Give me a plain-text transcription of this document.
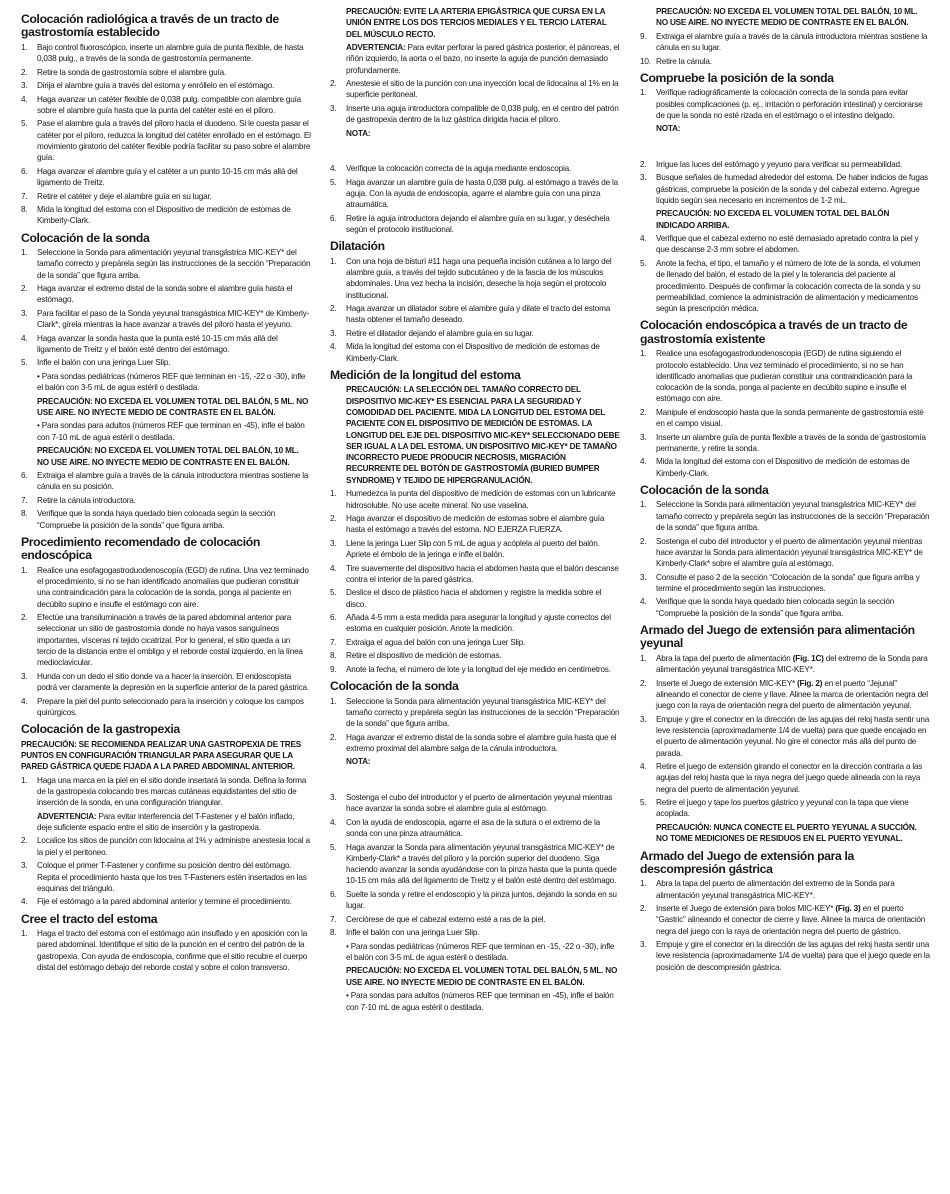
Colocación radiológica a través de un tracto de gastrostomía establecido
1. Bajo control fluoroscópico, inserte un alambre guía de punta flexible, de hasta 0,038 pulg., a través de la sonda de gastrostomía permanente.
2. Retire la sonda de gastrostomía sobre el alambre guía.
3. Dirija el alambre guía a través del estoma y enróllelo en el estómago.
4. Haga avanzar un catéter flexible de 0,038 pulg. compatible con alambre guía sobre el alambre guía hasta que la punta del catéter esté en el píloro.
5. Pase el alambre guía a través del píloro hacia el duodeno. Si le cuesta pasar el catéter por el píloro, reduzca la longitud del catéter enrollado en el estómago. El movimiento giratorio del catéter flexible podría facilitar su paso sobre el alambre guía.
6. Haga avanzar el alambre guía y el catéter a un punto 10-15 cm más allá del ligamento de Treitz.
7. Retire el catéter y deje el alambre guía en su lugar.
8. Mida la longitud del estoma con el Dispositivo de medición de estomas de Kimberly-Clark.
Colocación de la sonda
1. Seleccione la Sonda para alimentación yeyunal transgástrica MIC-KEY* del tamaño correcto y prepárela según las instrucciones de la sección “Preparación de la sonda” que figura arriba.
2. Haga avanzar el extremo distal de la sonda sobre el alambre guía hasta el estómago.
3. Para facilitar el paso de la Sonda yeyunal transgástrica MIC-KEY* de Kimberly-Clark*, gírela mientras la hace avanzar a través del píloro hasta el yeyuno.
4. Haga avanzar la sonda hasta que la punta esté 10-15 cm más allá del ligamento de Treitz y el balón esté dentro del estómago.
5. Infle el balón con una jeringa Luer Slip.
• Para sondas pediátricas (números REF que terminan en -15, -22 o -30), infle el balón con 3-5 mL de agua estéril o destilada.
PRECAUCIÓN: NO EXCEDA EL VOLUMEN TOTAL DEL BALÓN, 5 ML. NO USE AIRE. NO INYECTE MEDIO DE CONTRASTE EN EL BALÓN.
• Para sondas para adultos (números REF que terminan en -45), infle el balón con 7-10 mL de agua estéril o destilada.
PRECAUCIÓN: NO EXCEDA EL VOLUMEN TOTAL DEL BALÓN, 10 ML. NO USE AIRE. NO INYECTE MEDIO DE CONTRASTE EN EL BALÓN.
6. Extraiga el alambre guía a través de la cánula introductora mientras sostiene la cánula en su posición.
7. Retire la cánula introductora.
8. Verifique que la sonda haya quedado bien colocada según la sección “Compruebe la posición de la sonda” que figura arriba.
Procedimiento recomendado de colocación endoscópica
1. Realice una esofagogastroduodenoscopía (EGD) de rutina. Una vez terminado el procedimiento, si no se han identificado anomalías que pudieran constituir una contraindicación para la colocación de la sonda, ponga al paciente en decúbito supino e insufle el estómago con aire.
2. Efectúe una transiluminación a través de la pared abdominal anterior para seleccionar un sitio de gastrostomía donde no haya vasos sanguíneos importantes, vísceras ni tejido cicatrizal. Por lo general, el sitio queda a un tercio de la distancia entre el ombligo y el reborde costal izquierdo, en la línea medioclavicular.
3. Hunda con un dedo el sitio donde va a hacer la inserción. El endoscopista podrá ver claramente la depresión en la superficie anterior de la pared gástrica.
4. Prepare la piel del punto seleccionado para la inserción y coloque los campos quirúrgicos.
Colocación de la gastropexia
PRECAUCIÓN: SE RECOMIENDA REALIZAR UNA GASTROPEXIA DE TRES PUNTOS EN CONFIGURACIÓN TRIANGULAR PARA ASEGURAR QUE LA PARED GÁSTRICA QUEDE FIJADA A LA PARED ABDOMINAL ANTERIOR.
1. Haga una marca en la piel en el sitio donde insertará la sonda. Defina la forma de la gastropexia colocando tres marcas cutáneas equidistantes del sitio de inserción de la sonda, en una configuración triangular.
ADVERTENCIA: Para evitar interferencia del T-Fastener y el balón inflado, deje suficiente espacio entre el sitio de inserción y la gastropexia.
2. Localice los sitios de punción con lidocaína al 1% y administre anestesia local a la piel y el peritoneo.
3. Coloque el primer T-Fastener y confirme su posición dentro del estómago. Repita el procedimiento hasta que los tres T-Fasteners estén insertados en las esquinas del triángulo.
4. Fije el estómago a la pared abdominal anterior y termine el procedimiento.
Cree el tracto del estoma
1. Haga el tracto del estoma con el estómago aún insuflado y en aposición con la pared abdominal. Identifique el sitio de la punción en el centro del patrón de la gastropexia. Con ayuda de endoscopia, confirme que el sitio recubre el cuerpo distal del estómago debajo del reborde costal y sobre el colon transverso.
PRECAUCIÓN: EVITE LA ARTERIA EPIGÁSTRICA QUE CURSA EN LA UNIÓN ENTRE LOS DOS TERCIOS MEDIALES Y EL TERCIO LATERAL DEL MÚSCULO RECTO.
ADVERTENCIA: Para evitar perforar la pared gástrica posterior, el páncreas, el riñón izquierdo, la aorta o el bazo, no inserte la aguja de punción demasiado profundamente.
2. Anestesie el sitio de la punción con una inyección local de lidocaína al 1% en la superficie peritoneal.
3. Inserte una aguja introductora compatible de 0,038 pulg. en el centro del patrón de gastropexia dentro de la luz gástrica dirigida hacia el píloro.
NOTA:
4. Verifique la colocación correcta de la aguja mediante endoscopia.
5. Haga avanzar un alambre guía de hasta 0,038 pulg. al estómago a través de la aguja. Con la ayuda de endoscopia, agarre el alambre guía con una pinza atraumática.
6. Retire la aguja introductora dejando el alambre guía en su lugar, y deséchela según el protocolo institucional.
Dilatación
1. Con una hoja de bisturí #11 haga una pequeña incisión cutánea a lo largo del alambre guía, a través del tejido subcutáneo y de la fascia de los músculos abdominales. Una vez hecha la incisión, deseche la hoja según el protocolo institucional.
2. Haga avanzar un dilatador sobre el alambre guía y dilate el tracto del estoma hasta obtener el tamaño deseado.
3. Retire el dilatador dejando el alambre guía en su lugar.
4. Mida la longitud del estoma con el Dispositivo de medición de estomas de Kimberly-Clark.
Medición de la longitud del estoma
PRECAUCIÓN: LA SELECCIÓN DEL TAMAÑO CORRECTO DEL DISPOSITIVO MIC-KEY* ES ESENCIAL PARA LA SEGURIDAD Y COMODIDAD DEL PACIENTE. MIDA LA LONGITUD DEL ESTOMA DEL PACIENTE CON EL DISPOSITIVO DE MEDICIÓN DE ESTOMAS. LA LONGITUD DEL EJE DEL DISPOSITIVO MIC-KEY* SELECCIONADO DEBE SER IGUAL A LA DEL ESTOMA. UN DISPOSITIVO MIC-KEY* DE TAMAÑO INCORRECTO PUEDE PRODUCIR NECROSIS, MIGRACIÓN RECURRENTE DEL BOTÓN DE GASTROSTOMÍA (BURIED BUMPER SYNDROME) Y TEJIDO DE HIPERGRANULACIÓN.
1. Humedezca la punta del dispositivo de medición de estomas con un lubricante hidrosoluble. No use aceite mineral. No use vaselina.
2. Haga avanzar el dispositivo de medición de estomas sobre el alambre guía hasta el estómago a través del estoma. NO EJERZA FUERZA.
3. Llene la jeringa Luer Slip con 5 mL de agua y acóplela al puerto del balón. Apriete el émbolo de la jeringa e infle el balón.
4. Tire suavemente del dispositivo hacia el abdomen hasta que el balón descanse contra el interior de la pared gástrica.
5. Deslice el disco de plástico hacia el abdomen y registre la medida sobre el disco.
6. Añada 4-5 mm a esta medida para asegurar la longitud y ajuste correctos del estoma en cualquier posición. Anote la medición.
7. Extraiga el agua del balón con una jeringa Luer Slip.
8. Retire el dispositivo de medición de estomas.
9. Anote la fecha, el número de lote y la longitud del eje medido en centímetros.
Colocación de la sonda
1. Seleccione la Sonda para alimentación yeyunal transgástrica MIC-KEY* del tamaño correcto y prepárela según las instrucciones de la sección “Preparación de la sonda” que figura arriba.
2. Haga avanzar el extremo distal de la sonda sobre el alambre guía hasta que el extremo proximal del alambre salga de la cánula introductora.
NOTA:
3. Sostenga el cubo del introductor y el puerto de alimentación yeyunal mientras hace avanzar la sonda sobre el alambre guía al estómago.
4. Con la ayuda de endoscopia, agarre el asa de la sutura o el extremo de la sonda con una pinza atraumática.
5. Haga avanzar la Sonda para alimentación yeyunal transgástrica MIC-KEY* de Kimberly-Clark* a través del píloro y la porción superior del duodeno. Siga haciendo avanzar la sonda ayudándose con la pinza hasta que la punta quede 10-15 cm más allá del ligamento de Treitz y el balón esté dentro del estómago.
6. Suelte la sonda y retire el endoscopio y la pinza juntos, dejando la sonda en su lugar.
7. Cerciórese de que el cabezal externo esté a ras de la piel.
8. Infle el balón con una jeringa Luer Slip.
• Para sondas pediátricas (números REF que terminan en -15, -22 o -30), infle el balón con 3-5 mL de agua estéril o destilada.
PRECAUCIÓN: NO EXCEDA EL VOLUMEN TOTAL DEL BALÓN, 5 ML. NO USE AIRE. NO INYECTE MEDIO DE CONTRASTE EN EL BALÓN.
• Para sondas para adultos (números REF que terminan en -45), infle el balón con 7-10 mL de agua estéril o destilada.
PRECAUCIÓN: NO EXCEDA EL VOLUMEN TOTAL DEL BALÓN, 10 ML. NO USE AIRE. NO INYECTE MEDIO DE CONTRASTE EN EL BALÓN.
9. Extraiga el alambre guía a través de la cánula introductora mientras sostiene la cánula en su lugar.
10. Retire la cánula.
Compruebe la posición de la sonda
1. Verifique radiográficamente la colocación correcta de la sonda para evitar posibles complicaciones (p. ej., irritación o perforación intestinal) y cerciorarse de que la sonda no esté rizada en el estómago o el intestino delgado.
NOTA:
2. Irrigue las luces del estómago y yeyuno para verificar su permeabilidad.
3. Busque señales de humedad alrededor del estoma. De haber indicios de fugas gástricas, compruebe la posición de la sonda y del cabezal externo. Agregue líquido según sea necesario en incrementos de 1-2 mL.
PRECAUCIÓN: NO EXCEDA EL VOLUMEN TOTAL DEL BALÓN INDICADO ARRIBA.
4. Verifique que el cabezal externo no esté demasiado apretado contra la piel y que descanse 2-3 mm sobre el abdomen.
5. Anote la fecha, el tipo, el tamaño y el número de lote de la sonda, el volumen de llenado del balón, el estado de la piel y la tolerancia del paciente al procedimiento. Después de confirmar la colocación correcta de la sonda y su permeabilidad, comience la administración de alimentación y medicamentos según la prescripción médica.
Colocación endoscópica a través de un tracto de gastrostomía existente
1. Realice una esofagogastroduodenoscopia (EGD) de rutina siguiendo el protocolo establecido. Una vez terminado el procedimiento, si no se han identificado anomalías que pudieran constituir una contraindicación para la colocación de la sonda, ponga al paciente en decúbito supino e insufle el estómago con aire.
2. Manipule el endoscopio hasta que la sonda permanente de gastrostomía esté en el campo visual.
3. Inserte un alambre guía de punta flexible a través de la sonda de gastrostomía permanente, y retire la sonda.
4. Mida la longitud del estoma con el Dispositivo de medición de estomas de Kimberly-Clark.
Colocación de la sonda
1. Seleccione la Sonda para alimentación yeyunal transgástrica MIC-KEY* del tamaño correcto y prepárela según las instrucciones de la sección “Preparación de la sonda” que figura arriba.
2. Sostenga el cubo del introductor y el puerto de alimentación yeyunal mientras hace avanzar la Sonda para alimentación yeyunal transgástrica MIC-KEY* de Kimberly-Clark* sobre el alambre guía al estómago.
3. Consulte el paso 2 de la sección “Colocación de la sonda” que figura arriba y termine el procedimiento según las instrucciones.
4. Verifique que la sonda haya quedado bien colocada según la sección “Compruebe la posición de la sonda” que figura arriba.
Armado del Juego de extensión para alimentación yeyunal
1. Abra la tapa del puerto de alimentación (Fig. 1C) del extremo de la Sonda para alimentación yeyunal transgástrica MIC-KEY*.
2. Inserte el Juego de extensión MIC-KEY* (Fig. 2) en el puerto “Jejunal” alineando el conector de cierre y llave. Alinee la marca de orientación negra del juego con la raya de orientación negra del puerto de alimentación yeyunal.
3. Empuje y gire el conector en la dirección de las agujas del reloj hasta sentir una leve resistencia (aproximadamente 1/4 de vuelta) para que quede encajado en el puerto de alimentación yeyunal. No gire el conector más allá del punto de parada.
4. Retire el juego de extensión girando el conector en la dirección contraria a las agujas del reloj hasta que la raya negra del juego quede alineada con la raya negra del puerto de alimentación yeyunal.
5. Retire el juego y tape los puertos gástrico y yeyunal con la tapa que viene acoplada.
PRECAUCIÓN: NUNCA CONECTE EL PUERTO YEYUNAL A SUCCIÓN. NO TOME MEDICIONES DE RESIDUOS EN EL PUERTO YEYUNAL.
Armado del Juego de extensión para la descompresión gástrica
1. Abra la tapa del puerto de alimentación del extremo de la Sonda para alimentación yeyunal transgástrica MIC-KEY*.
2. Inserte el Juego de extensión para bolos MIC-KEY* (Fig. 3) en el puerto “Gastric” alineando el conector de cierre y llave. Alinee la marca de orientación negra del juego con la raya de orientación negra del puerto de gástrico.
3. Empuje y gire el conector en la dirección de las agujas del reloj hasta sentir una leve resistencia (aproximadamente 1/4 de vuelta) para que el juego quede en la posición de descompresión gástrica.
